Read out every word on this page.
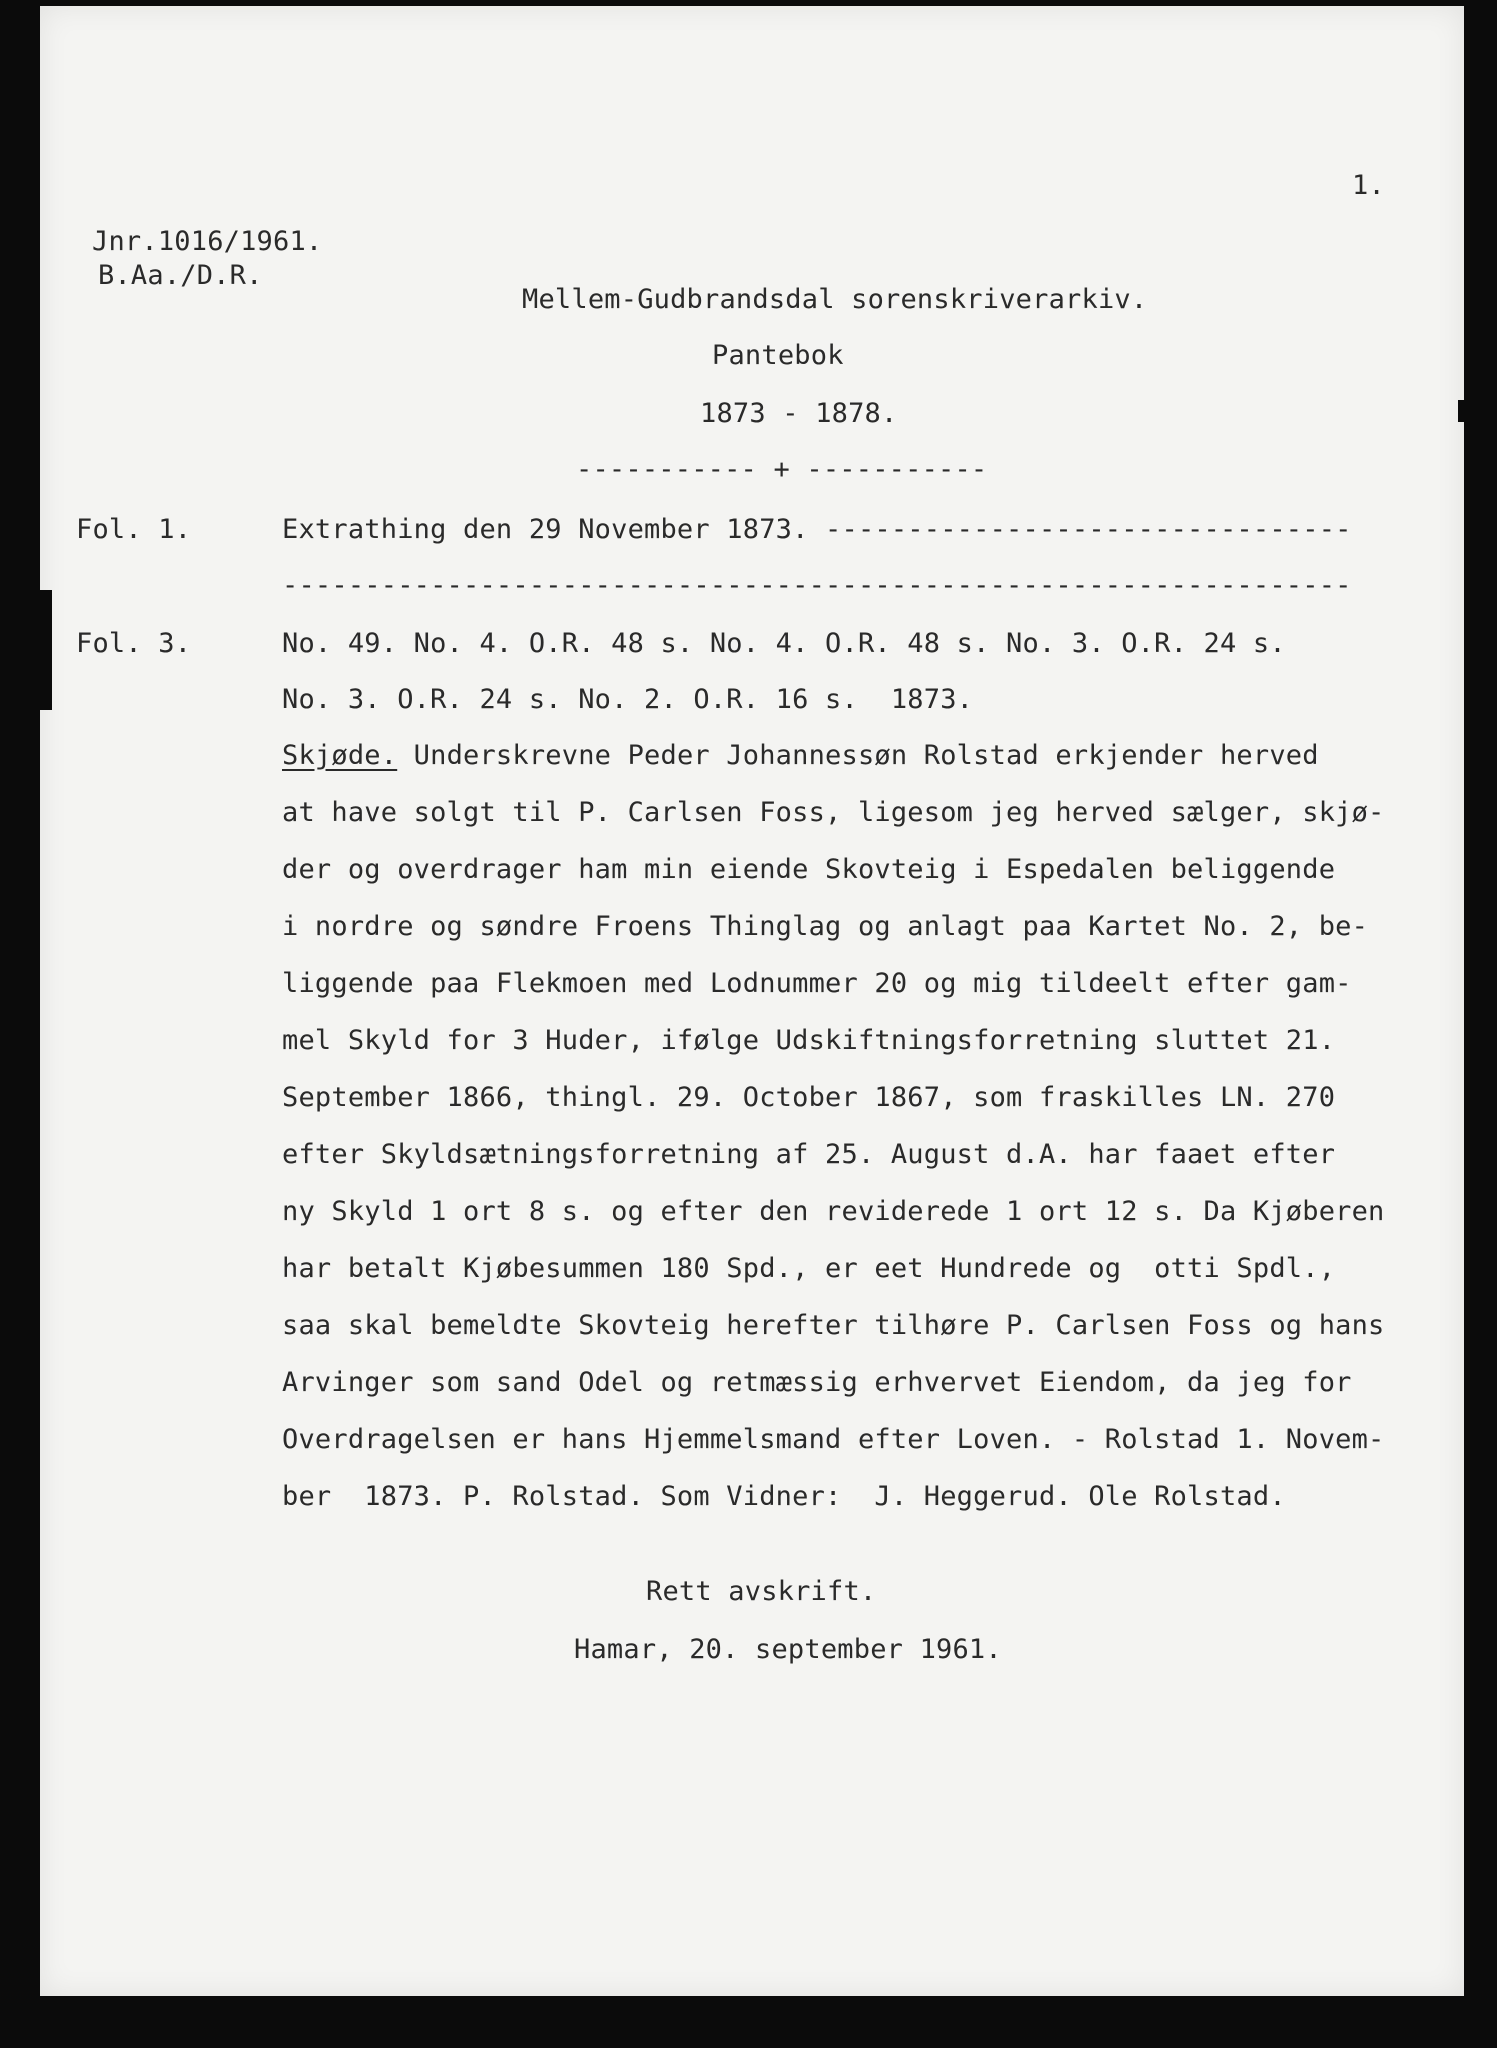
1.

Jnr.1016/1961.

B.Aa./D.R.

Mellem-Gudbrandsdal sorenskriverarkiv.

Pantebok

1873 - 1878.

----------- + -----------

Fol. 1.	Extrathing den 29 November 1873. --------------------------------

-----------------------------------------------------------------

Fol. 3.	No. 49. No. 4. O.R. 48 s. No. 4. O.R. 48 s. No. 3. O.R. 24 s.

No. 3. O.R. 24 s. No. 2. O.R. 16 s.  1873.

Skjøde. Underskrevne Peder Johannessøn Rolstad erkjender herved

at have solgt til P. Carlsen Foss, ligesom jeg herved sælger, skjø-

der og overdrager ham min eiende Skovteig i Espedalen beliggende

i nordre og søndre Froens Thinglag og anlagt paa Kartet No. 2, be-

liggende paa Flekmoen med Lodnummer 20 og mig tildeelt efter gam-

mel Skyld for 3 Huder, ifølge Udskiftningsforretning sluttet 21.

September 1866, thingl. 29. October 1867, som fraskilles LN. 270

efter Skyldsætningsforretning af 25. August d.A. har faaet efter

ny Skyld 1 ort 8 s. og efter den reviderede 1 ort 12 s. Da Kjøberen

har betalt Kjøbesummen 180 Spd., er eet Hundrede og  otti Spdl.,

saa skal bemeldte Skovteig herefter tilhøre P. Carlsen Foss og hans

Arvinger som sand Odel og retmæssig erhvervet Eiendom, da jeg for

Overdragelsen er hans Hjemmelsmand efter Loven. - Rolstad 1. Novem-

ber  1873. P. Rolstad. Som Vidner:  J. Heggerud. Ole Rolstad.

Rett avskrift.

Hamar, 20. september 1961.
